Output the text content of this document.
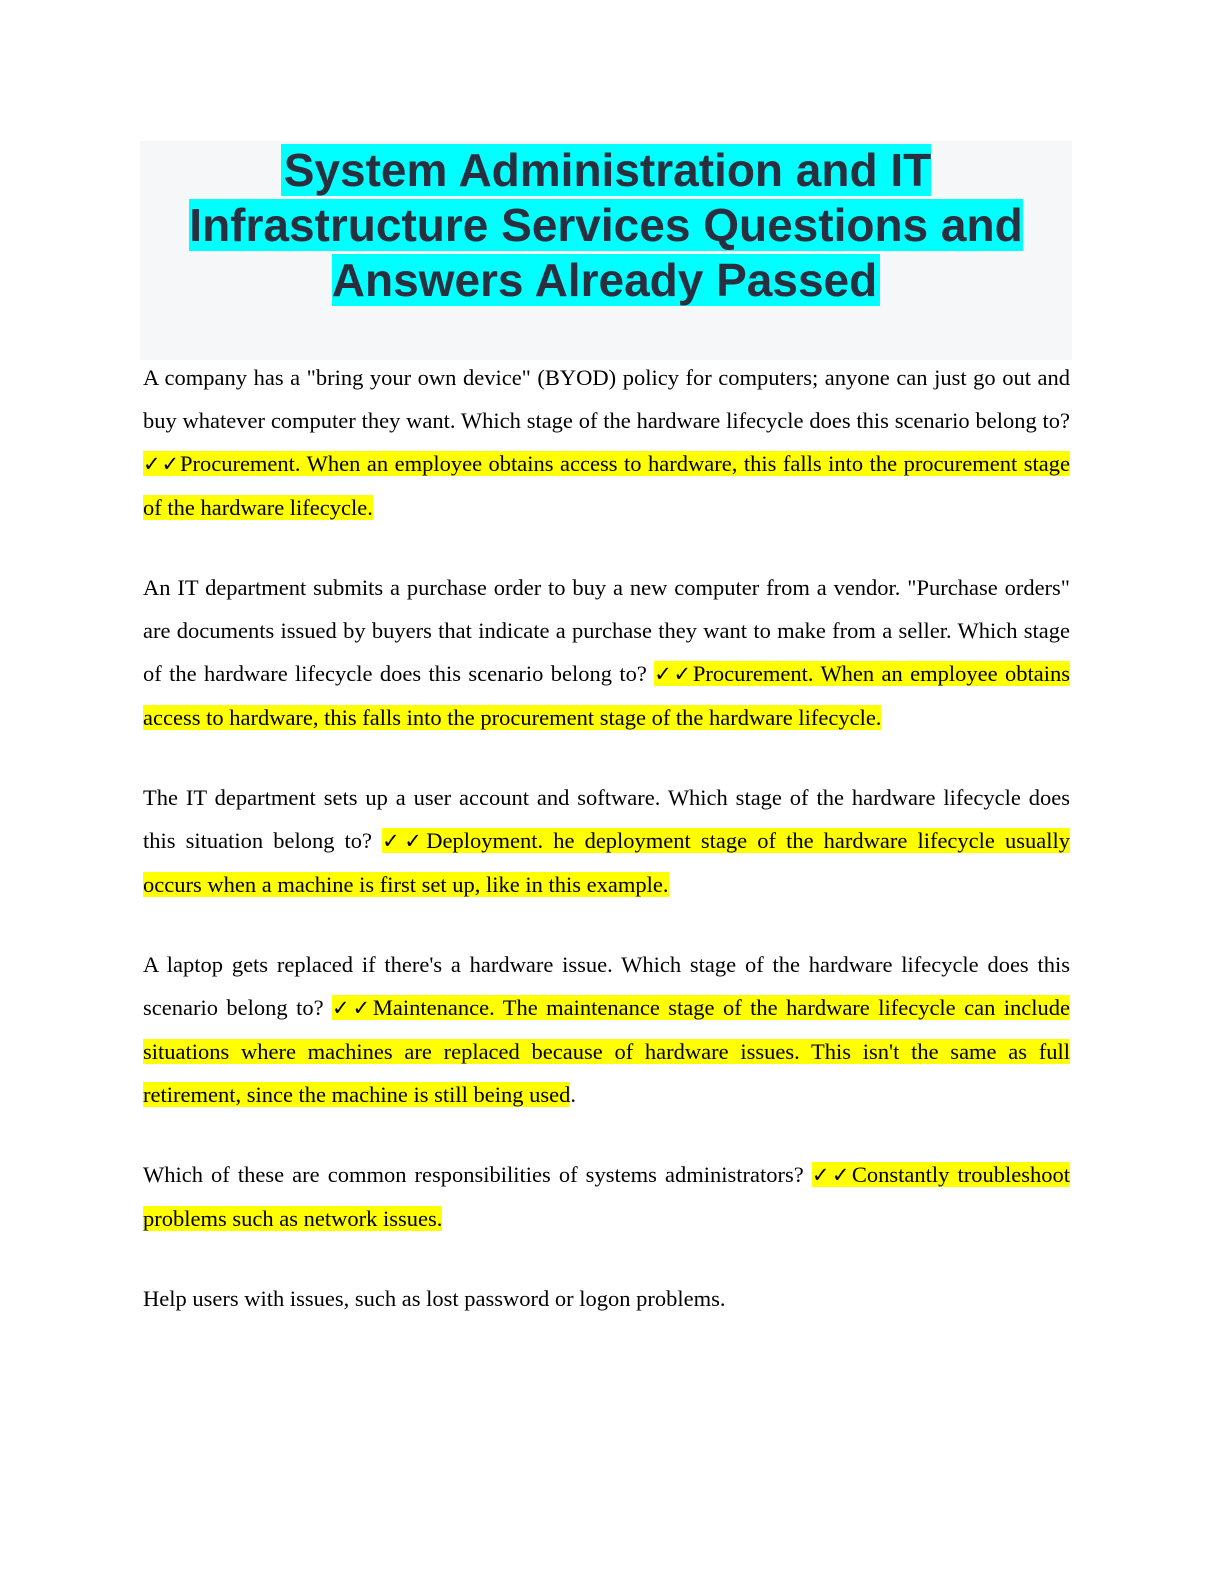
System Administration and IT Infrastructure Services Questions and Answers Already Passed

A company has a "bring your own device" (BYOD) policy for computers; anyone can just go out and buy whatever computer they want. Which stage of the hardware lifecycle does this scenario belong to? ✓✓Procurement. When an employee obtains access to hardware, this falls into the procurement stage of the hardware lifecycle.

An IT department submits a purchase order to buy a new computer from a vendor. "Purchase orders" are documents issued by buyers that indicate a purchase they want to make from a seller. Which stage of the hardware lifecycle does this scenario belong to? ✓✓Procurement. When an employee obtains access to hardware, this falls into the procurement stage of the hardware lifecycle.

The IT department sets up a user account and software. Which stage of the hardware lifecycle does this situation belong to? ✓✓Deployment. he deployment stage of the hardware lifecycle usually occurs when a machine is first set up, like in this example.

A laptop gets replaced if there's a hardware issue. Which stage of the hardware lifecycle does this scenario belong to? ✓✓Maintenance. The maintenance stage of the hardware lifecycle can include situations where machines are replaced because of hardware issues. This isn't the same as full retirement, since the machine is still being used.

Which of these are common responsibilities of systems administrators? ✓✓Constantly troubleshoot problems such as network issues.

Help users with issues, such as lost password or logon problems.
